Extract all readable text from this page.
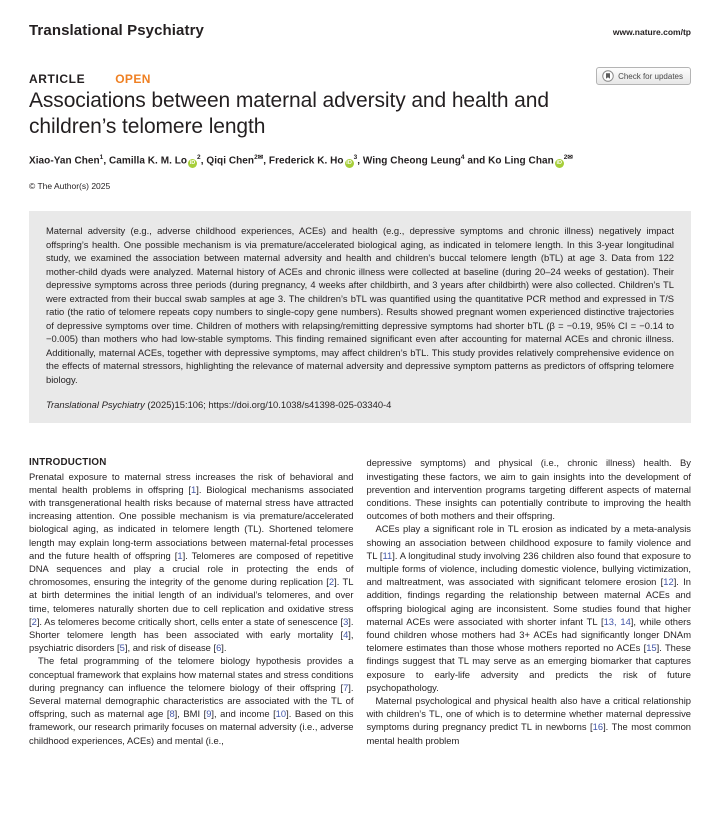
Translational Psychiatry	www.nature.com/tp
ARTICLE	OPEN	Check for updates
Associations between maternal adversity and health and children’s telomere length
Xiao-Yan Chen$^1$, Camilla K. M. Lo $iD^2$, Qiqi Chen$^{2✉}$, Frederick K. Ho $iD^3$, Wing Cheong Leung$^4$ and Ko Ling Chan $iD^{2✉}$
© The Author(s) 2025
Maternal adversity (e.g., adverse childhood experiences, ACEs) and health (e.g., depressive symptoms and chronic illness) negatively impact offspring’s health. One possible mechanism is via premature/accelerated biological aging, as indicated in telomere length. In this 3-year longitudinal study, we examined the association between maternal adversity and health and children’s buccal telomere length (bTL) at age 3. Data from 122 mother-child dyads were analyzed. Maternal history of ACEs and chronic illness were collected at baseline (during 20–24 weeks of gestation). Their depressive symptoms across three periods (during pregnancy, 4 weeks after childbirth, and 3 years after childbirth) were also collected. Children’s TL were extracted from their buccal swab samples at age 3. The children’s bTL was quantified using the quantitative PCR method and expressed in T/S ratio (the ratio of telomere repeats copy numbers to single-copy gene numbers). Results showed pregnant women experienced distinctive trajectories of depressive symptoms over time. Children of mothers with relapsing/remitting depressive symptoms had shorter bTL (β = −0.19, 95% CI = −0.14 to −0.005) than mothers who had low-stable symptoms. This finding remained significant even after accounting for maternal ACEs and chronic illness. Additionally, maternal ACEs, together with depressive symptoms, may affect children’s bTL. This study provides relatively comprehensive evidence on the effects of maternal stressors, highlighting the relevance of maternal adversity and depressive symptom patterns as predictors of offspring telomere biology.
Translational Psychiatry (2025)15:106; https://doi.org/10.1038/s41398-025-03340-4
INTRODUCTION

Prenatal exposure to maternal stress increases the risk of behavioral and mental health problems in offspring [1]. Biological mechanisms associated with transgenerational health risks because of maternal stress have attracted increasing attention. One possible mechanism is via premature/accelerated biological aging, as indicated in telomere length (TL). Shortened telomere length may explain long-term associations between maternal-fetal processes and the future health of offspring [1]. Telomeres are composed of repetitive DNA sequences and play a crucial role in protecting the ends of chromosomes, ensuring the integrity of the genome during replication [2]. TL at birth determines the initial length of an individual’s telomeres, and over time, telomeres naturally shorten due to cell replication and oxidative stress [2]. As telomeres become critically short, cells enter a state of senescence [3]. Shorter telomere length has been associated with early mortality [4], psychiatric disorders [5], and risk of disease [6].

The fetal programming of the telomere biology hypothesis provides a conceptual framework that explains how maternal states and stress conditions during pregnancy can influence the telomere biology of their offspring [7]. Several maternal demographic characteristics are associated with the TL of offspring, such as maternal age [8], BMI [9], and income [10]. Based on this framework, our research primarily focuses on maternal adversity (i.e., adverse childhood experiences, ACEs) and mental (i.e.,

depressive symptoms) and physical (i.e., chronic illness) health. By investigating these factors, we aim to gain insights into the development of prevention and intervention programs targeting different aspects of maternal conditions. These insights can potentially contribute to improving the health outcomes of both mothers and their offspring.

ACEs play a significant role in TL erosion as indicated by a meta-analysis showing an association between childhood exposure to family violence and TL [11]. A longitudinal study involving 236 children also found that exposure to multiple forms of violence, including domestic violence, bullying victimization, and maltreatment, was associated with significant telomere erosion [12]. In addition, findings regarding the relationship between maternal ACEs and offspring biological aging are inconsistent. Some studies found that higher maternal ACEs were associated with shorter infant TL [13, 14], while others found children whose mothers had 3+ ACEs had significantly longer DNAm telomere estimates than those whose mothers reported no ACEs [15]. These findings suggest that TL may serve as an emerging biomarker that captures exposure to early-life adversity and predicts the risk of future psychopathology.

Maternal psychological and physical health also have a critical relationship with children’s TL, one of which is to determine whether maternal depressive symptoms during pregnancy predict TL in newborns [16]. The most common mental health problem
